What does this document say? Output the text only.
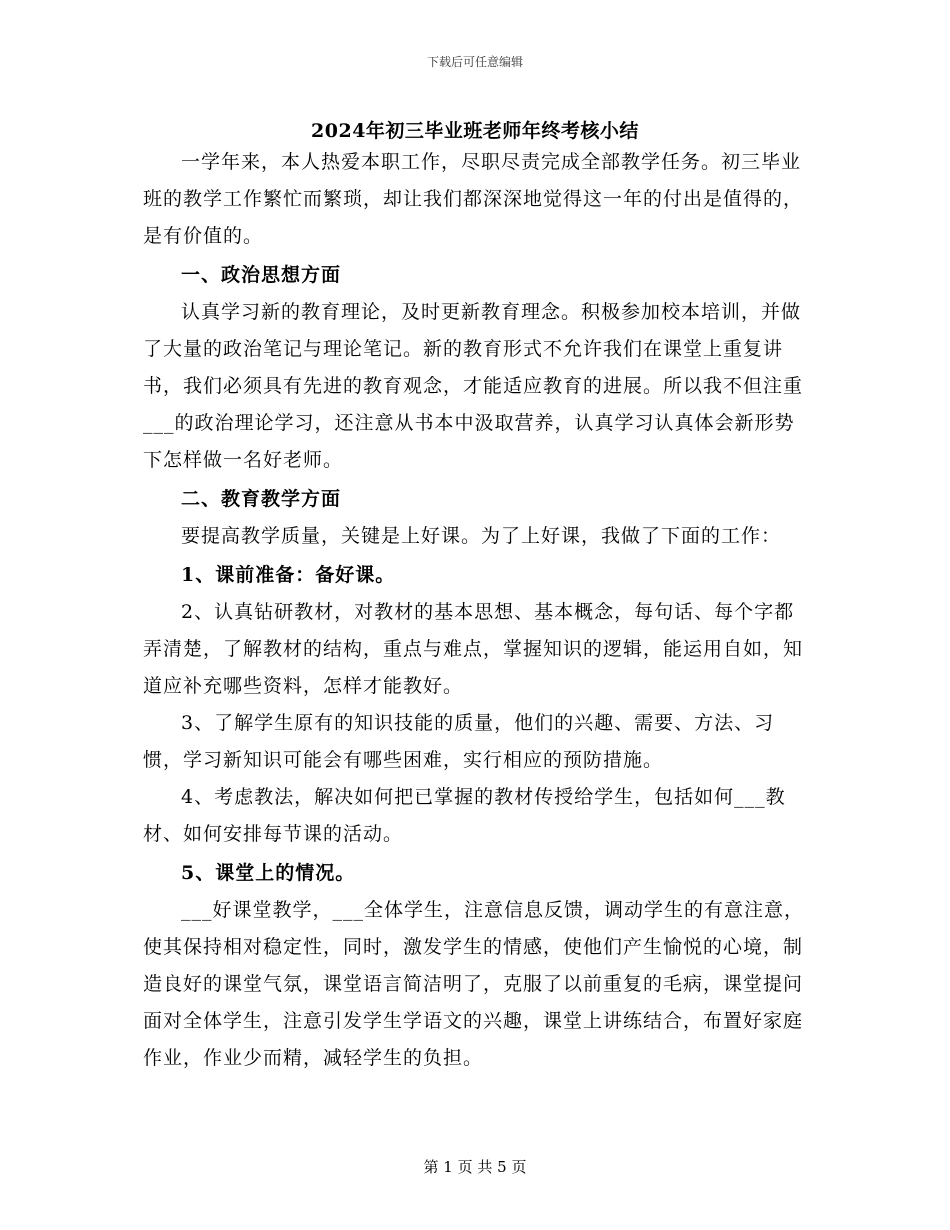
下载后可任意编辑
2024年初三毕业班老师年终考核小结

一学年来，本人热爱本职工作，尽职尽责完成全部教学任务。初三毕业班的教学工作繁忙而繁琐，却让我们都深深地觉得这一年的付出是值得的，是有价值的。

一、政治思想方面

认真学习新的教育理论，及时更新教育理念。积极参加校本培训，并做了大量的政治笔记与理论笔记。新的教育形式不允许我们在课堂上重复讲书，我们必须具有先进的教育观念，才能适应教育的进展。所以我不但注重___的政治理论学习，还注意从书本中汲取营养，认真学习认真体会新形势下怎样做一名好老师。

二、教育教学方面

要提高教学质量，关键是上好课。为了上好课，我做了下面的工作：

1、课前准备：备好课。

2、认真钻研教材，对教材的基本思想、基本概念，每句话、每个字都弄清楚，了解教材的结构，重点与难点，掌握知识的逻辑，能运用自如，知道应补充哪些资料，怎样才能教好。

3、了解学生原有的知识技能的质量，他们的兴趣、需要、方法、习惯，学习新知识可能会有哪些困难，实行相应的预防措施。

4、考虑教法，解决如何把已掌握的教材传授给学生，包括如何___教材、如何安排每节课的活动。

5、课堂上的情况。

___好课堂教学，___全体学生，注意信息反馈，调动学生的有意注意，使其保持相对稳定性，同时，激发学生的情感，使他们产生愉悦的心境，制造良好的课堂气氛，课堂语言简洁明了，克服了以前重复的毛病，课堂提问面对全体学生，注意引发学生学语文的兴趣，课堂上讲练结合，布置好家庭作业，作业少而精，减轻学生的负担。

第 1 页 共 5 页
